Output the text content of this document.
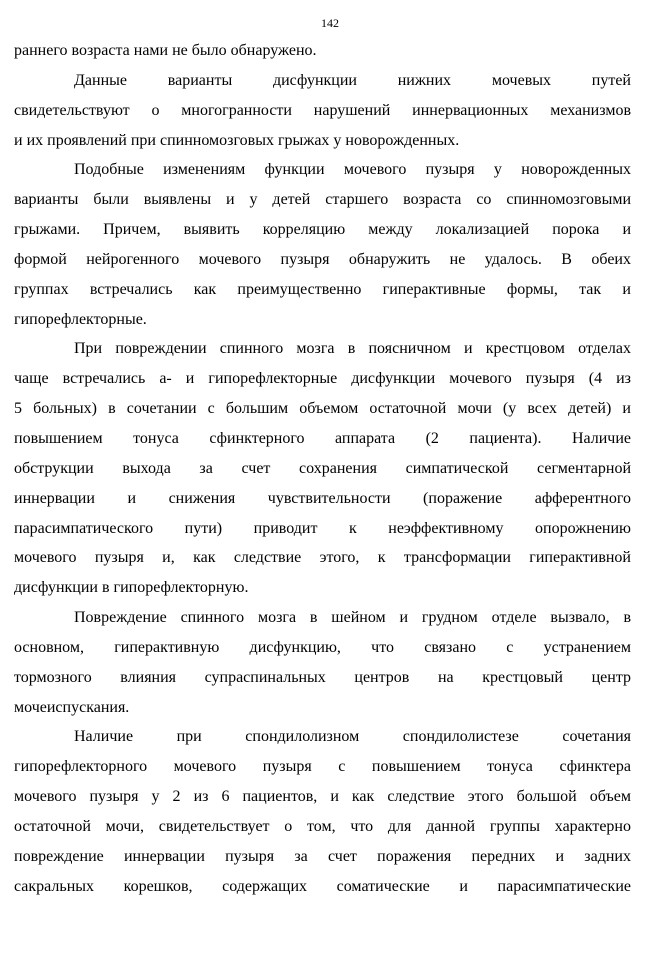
142
раннего возраста нами не было обнаружено.
Данные варианты дисфункции нижних мочевых путей
свидетельствуют о многогранности нарушений иннервационных механизмов
и их проявлений при спинномозговых грыжах у новорожденных.
Подобные изменениям функции мочевого пузыря у новорожденных
варианты были выявлены и у детей старшего возраста со спинномозговыми
грыжами. Причем, выявить корреляцию между локализацией порока и
формой нейрогенного мочевого пузыря обнаружить не удалось. В обеих
группах встречались как преимущественно гиперактивные формы, так и
гипорефлекторные.
При повреждении спинного мозга в поясничном и крестцовом отделах
чаще встречались а- и гипорефлекторные дисфункции мочевого пузыря (4 из
5 больных) в сочетании с большим объемом остаточной мочи (у всех детей) и
повышением тонуса сфинктерного аппарата (2 пациента). Наличие
обструкции выхода за счет сохранения симпатической сегментарной
иннервации и снижения чувствительности (поражение афферентного
парасимпатического пути) приводит к неэффективному опорожнению
мочевого пузыря и, как следствие этого, к трансформации гиперактивной
дисфункции в гипорефлекторную.
Повреждение спинного мозга в шейном и грудном отделе вызвало, в
основном, гиперактивную дисфункцию, что связано с устранением
тормозного влияния супраспинальных центров на крестцовый центр
мочеиспускания.
Наличие при спондилолизном спондилолистезе сочетания
гипорефлекторного мочевого пузыря с повышением тонуса сфинктера
мочевого пузыря у 2 из 6 пациентов, и как следствие этого большой объем
остаточной мочи, свидетельствует о том, что для данной группы характерно
повреждение иннервации пузыря за счет поражения передних и задних
сакральных корешков, содержащих соматические и парасимпатические
